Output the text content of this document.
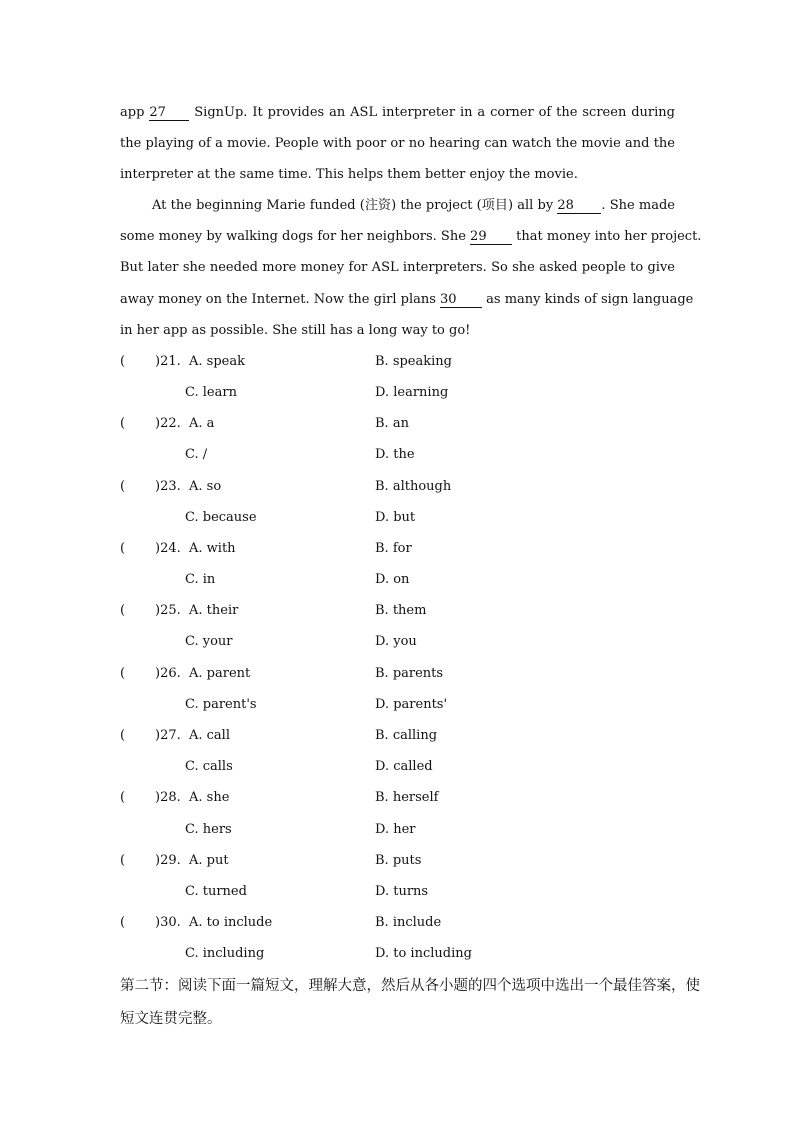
app 27 SignUp. It provides an ASL interpreter in a corner of the screen during
the playing of a movie. People with poor or no hearing can watch the movie and the
interpreter at the same time. This helps them better enjoy the movie.
At the beginning Marie funded (注资) the project (项目) all by 28 . She made
some money by walking dogs for her neighbors. She 29 that money into her project.
But later she needed more money for ASL interpreters. So she asked people to give
away money on the Internet. Now the girl plans 30 as many kinds of sign language
in her app as possible. She still has a long way to go!
( )21. A. speak	B. speaking
C. learn	D. learning
( )22. A. a	B. an
C. /	D. the
( )23. A. so	B. although
C. because	D. but
( )24. A. with	B. for
C. in	D. on
( )25. A. their	B. them
C. your	D. you
( )26. A. parent	B. parents
C. parent's	D. parents'
( )27. A. call	B. calling
C. calls	D. called
( )28. A. she	B. herself
C. hers	D. her
( )29. A. put	B. puts
C. turned	D. turns
( )30. A. to include	B. include
C. including	D. to including
第二节：阅读下面一篇短文，理解大意，然后从各小题的四个选项中选出一个最佳答案，使
短文连贯完整。
